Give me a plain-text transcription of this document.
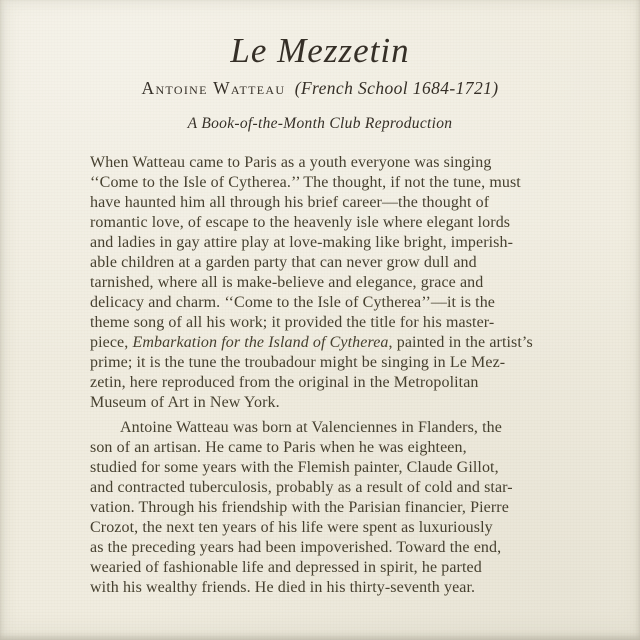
Le Mezzetin
Antoine Watteau (French School 1684-1721)
A Book-of-the-Month Club Reproduction
When Watteau came to Paris as a youth everyone was singing
‘‘Come to the Isle of Cytherea.’’ The thought, if not the tune, must
have haunted him all through his brief career—the thought of
romantic love, of escape to the heavenly isle where elegant lords
and ladies in gay attire play at love-making like bright, imperish-
able children at a garden party that can never grow dull and
tarnished, where all is make-believe and elegance, grace and
delicacy and charm. ‘‘Come to the Isle of Cytherea’’—it is the
theme song of all his work; it provided the title for his master-
piece, Embarkation for the Island of Cytherea, painted in the artist’s
prime; it is the tune the troubadour might be singing in Le Mez-
zetin, here reproduced from the original in the Metropolitan
Museum of Art in New York.
Antoine Watteau was born at Valenciennes in Flanders, the
son of an artisan. He came to Paris when he was eighteen,
studied for some years with the Flemish painter, Claude Gillot,
and contracted tuberculosis, probably as a result of cold and star-
vation. Through his friendship with the Parisian financier, Pierre
Crozot, the next ten years of his life were spent as luxuriously
as the preceding years had been impoverished. Toward the end,
wearied of fashionable life and depressed in spirit, he parted
with his wealthy friends. He died in his thirty-seventh year.
